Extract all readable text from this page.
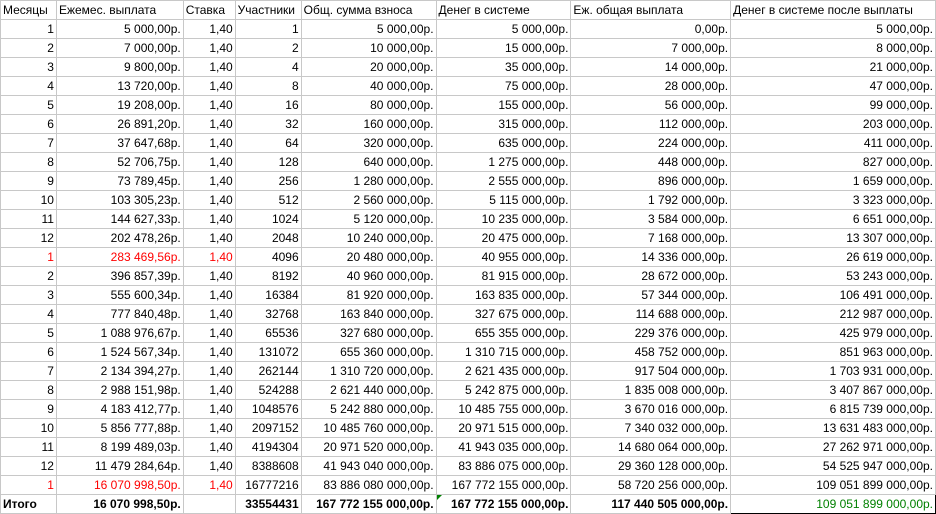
Месяцы	Ежемес. выплата	Ставка	Участники	Общ. сумма взноса	Денег в системе	Еж. общая выплата	Денег в системе после выплаты
1	5 000,00р.	1,40	1	5 000,00р.	5 000,00р.	0,00р.	5 000,00р.
2	7 000,00р.	1,40	2	10 000,00р.	15 000,00р.	7 000,00р.	8 000,00р.
3	9 800,00р.	1,40	4	20 000,00р.	35 000,00р.	14 000,00р.	21 000,00р.
4	13 720,00р.	1,40	8	40 000,00р.	75 000,00р.	28 000,00р.	47 000,00р.
5	19 208,00р.	1,40	16	80 000,00р.	155 000,00р.	56 000,00р.	99 000,00р.
6	26 891,20р.	1,40	32	160 000,00р.	315 000,00р.	112 000,00р.	203 000,00р.
7	37 647,68р.	1,40	64	320 000,00р.	635 000,00р.	224 000,00р.	411 000,00р.
8	52 706,75р.	1,40	128	640 000,00р.	1 275 000,00р.	448 000,00р.	827 000,00р.
9	73 789,45р.	1,40	256	1 280 000,00р.	2 555 000,00р.	896 000,00р.	1 659 000,00р.
10	103 305,23р.	1,40	512	2 560 000,00р.	5 115 000,00р.	1 792 000,00р.	3 323 000,00р.
11	144 627,33р.	1,40	1024	5 120 000,00р.	10 235 000,00р.	3 584 000,00р.	6 651 000,00р.
12	202 478,26р.	1,40	2048	10 240 000,00р.	20 475 000,00р.	7 168 000,00р.	13 307 000,00р.
1	283 469,56р.	1,40	4096	20 480 000,00р.	40 955 000,00р.	14 336 000,00р.	26 619 000,00р.
2	396 857,39р.	1,40	8192	40 960 000,00р.	81 915 000,00р.	28 672 000,00р.	53 243 000,00р.
3	555 600,34р.	1,40	16384	81 920 000,00р.	163 835 000,00р.	57 344 000,00р.	106 491 000,00р.
4	777 840,48р.	1,40	32768	163 840 000,00р.	327 675 000,00р.	114 688 000,00р.	212 987 000,00р.
5	1 088 976,67р.	1,40	65536	327 680 000,00р.	655 355 000,00р.	229 376 000,00р.	425 979 000,00р.
6	1 524 567,34р.	1,40	131072	655 360 000,00р.	1 310 715 000,00р.	458 752 000,00р.	851 963 000,00р.
7	2 134 394,27р.	1,40	262144	1 310 720 000,00р.	2 621 435 000,00р.	917 504 000,00р.	1 703 931 000,00р.
8	2 988 151,98р.	1,40	524288	2 621 440 000,00р.	5 242 875 000,00р.	1 835 008 000,00р.	3 407 867 000,00р.
9	4 183 412,77р.	1,40	1048576	5 242 880 000,00р.	10 485 755 000,00р.	3 670 016 000,00р.	6 815 739 000,00р.
10	5 856 777,88р.	1,40	2097152	10 485 760 000,00р.	20 971 515 000,00р.	7 340 032 000,00р.	13 631 483 000,00р.
11	8 199 489,03р.	1,40	4194304	20 971 520 000,00р.	41 943 035 000,00р.	14 680 064 000,00р.	27 262 971 000,00р.
12	11 479 284,64р.	1,40	8388608	41 943 040 000,00р.	83 886 075 000,00р.	29 360 128 000,00р.	54 525 947 000,00р.
1	16 070 998,50р.	1,40	16777216	83 886 080 000,00р.	167 772 155 000,00р.	58 720 256 000,00р.	109 051 899 000,00р.
Итого	16 070 998,50р.		33554431	167 772 155 000,00р.	167 772 155 000,00р.	117 440 505 000,00р.	109 051 899 000,00р.
